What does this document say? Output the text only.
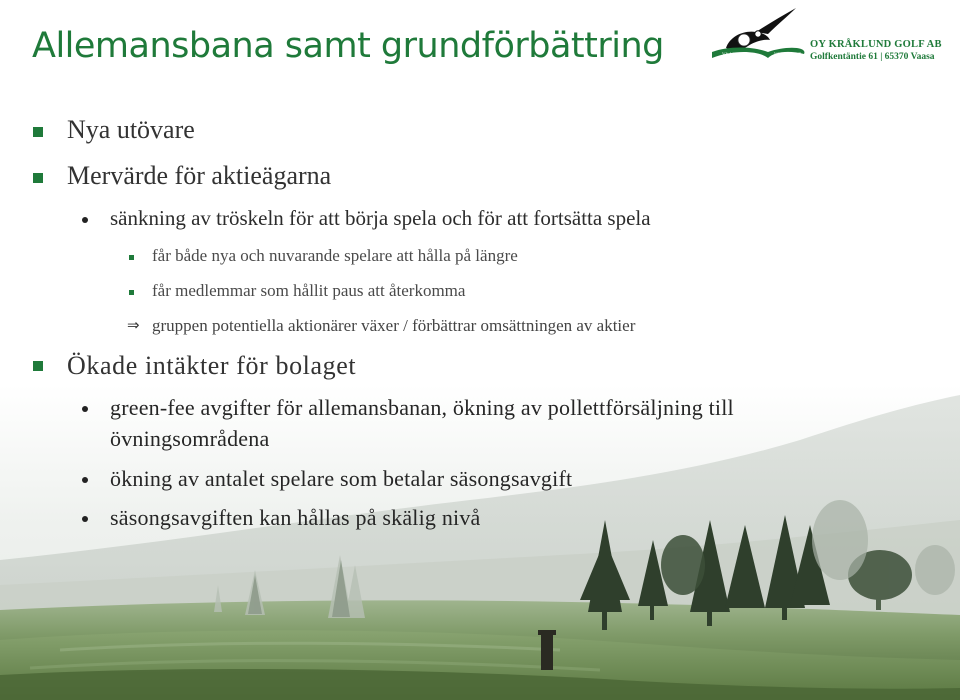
Allemansbana samt grundförbättring	VAASA GOLF	VASA GOLF
OY KRÅKLUND GOLF AB
Golfkentäntie 61 | 65370 Vaasa
Nya utövare
Mervärde för aktieägarna
sänkning av tröskeln för att börja spela och för att fortsätta spela
får både nya och nuvarande spelare att hålla på längre
får medlemmar som hållit paus att återkomma
⇒ gruppen potentiella aktionärer växer / förbättrar omsättningen av aktier
Ökade intäkter för bolaget
green-fee avgifter för allemansbanan, ökning av pollettförsäljning till
övningsområdena
ökning av antalet spelare som betalar säsongsavgift
säsongsavgiften kan hållas på skälig nivå
